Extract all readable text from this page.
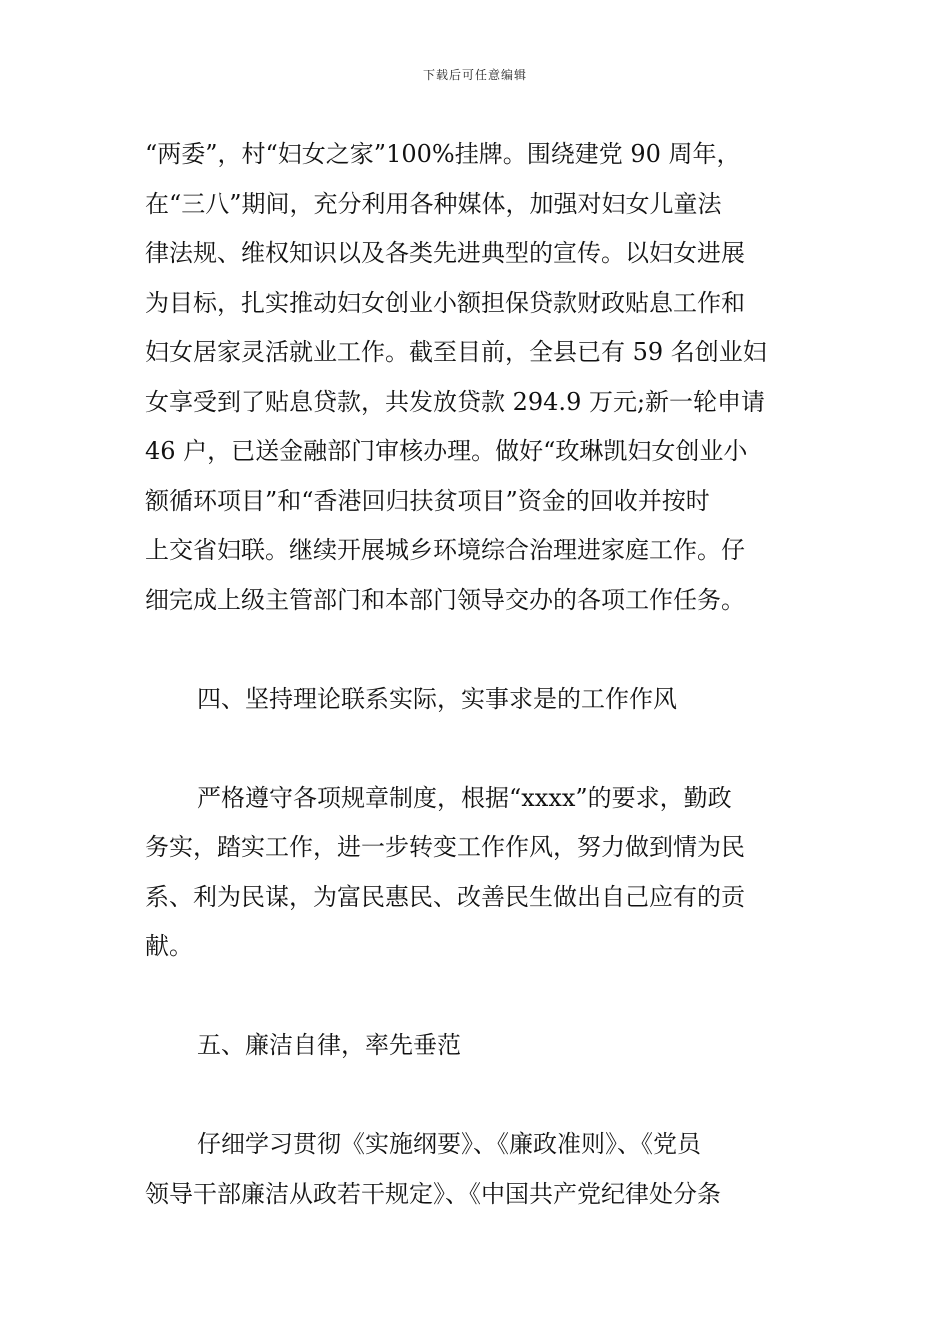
下载后可任意编辑
“两委”，村“妇女之家”100%挂牌。围绕建党 90 周年，
在“三八”期间，充分利用各种媒体，加强对妇女儿童法
律法规、维权知识以及各类先进典型的宣传。以妇女进展
为目标，扎实推动妇女创业小额担保贷款财政贴息工作和
妇女居家灵活就业工作。截至目前，全县已有 59 名创业妇
女享受到了贴息贷款，共发放贷款 294.9 万元;新一轮申请
46 户，已送金融部门审核办理。做好“玫琳凯妇女创业小
额循环项目”和“香港回归扶贫项目”资金的回收并按时
上交省妇联。继续开展城乡环境综合治理进家庭工作。仔
细完成上级主管部门和本部门领导交办的各项工作任务。
四、坚持理论联系实际，实事求是的工作作风
严格遵守各项规章制度，根据“xxxx”的要求，勤政
务实，踏实工作，进一步转变工作作风，努力做到情为民
系、利为民谋，为富民惠民、改善民生做出自己应有的贡
献。
五、廉洁自律，率先垂范
仔细学习贯彻《实施纲要》、《廉政准则》、《党员
领导干部廉洁从政若干规定》、《中国共产党纪律处分条
